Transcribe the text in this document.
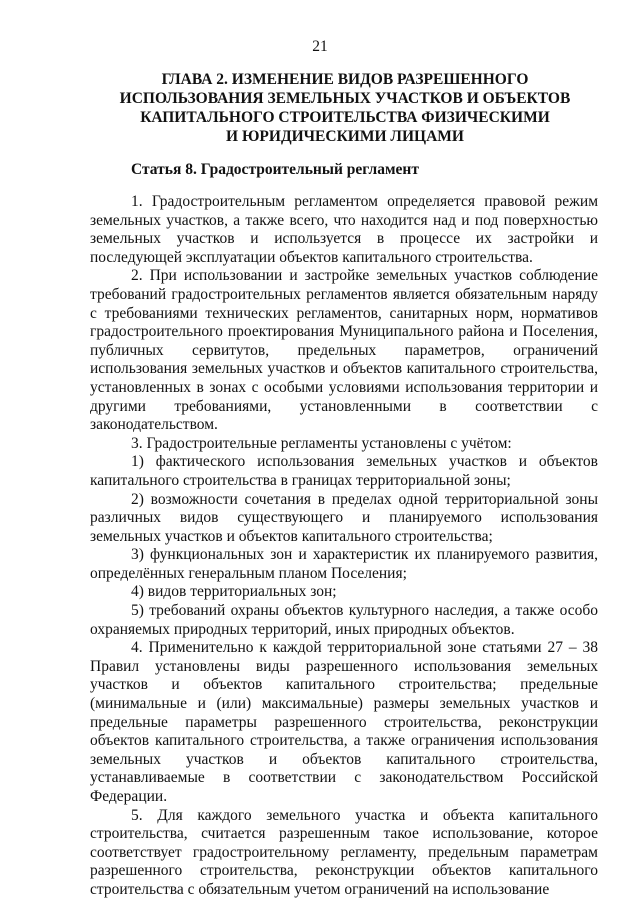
21
ГЛАВА 2. ИЗМЕНЕНИЕ ВИДОВ РАЗРЕШЕННОГО
ИСПОЛЬЗОВАНИЯ ЗЕМЕЛЬНЫХ УЧАСТКОВ И ОБЪЕКТОВ
КАПИТАЛЬНОГО СТРОИТЕЛЬСТВА ФИЗИЧЕСКИМИ
И ЮРИДИЧЕСКИМИ ЛИЦАМИ
Статья 8. Градостроительный регламент

1. Градостроительным регламентом определяется правовой режим земельных участков, а также всего, что находится над и под поверхностью земельных участков и используется в процессе их застройки и последующей эксплуатации объектов капитального строительства.

2. При использовании и застройке земельных участков соблюдение требований градостроительных регламентов является обязательным наряду с требованиями технических регламентов, санитарных норм, нормативов градостроительного проектирования Муниципального района и Поселения, публичных сервитутов, предельных параметров, ограничений использования земельных участков и объектов капитального строительства, установленных в зонах с особыми условиями использования территории и другими требованиями, установленными в соответствии с законодательством.

3. Градостроительные регламенты установлены с учётом:

1) фактического использования земельных участков и объектов капитального строительства в границах территориальной зоны;

2) возможности сочетания в пределах одной территориальной зоны различных видов существующего и планируемого использования земельных участков и объектов капитального строительства;

3) функциональных зон и характеристик их планируемого развития, определённых генеральным планом Поселения;

4) видов территориальных зон;

5) требований охраны объектов культурного наследия, а также особо охраняемых природных территорий, иных природных объектов.

4. Применительно к каждой территориальной зоне статьями 27 – 38 Правил установлены виды разрешенного использования земельных участков и объектов капитального строительства; предельные (минимальные и (или) максимальные) размеры земельных участков и предельные параметры разрешенного строительства, реконструкции объектов капитального строительства, а также ограничения использования земельных участков и объектов капитального строительства, устанавливаемые в соответствии с законодательством Российской Федерации.

5. Для каждого земельного участка и объекта капитального строительства, считается разрешенным такое использование, которое соответствует градостроительному регламенту, предельным параметрам разрешенного строительства, реконструкции объектов капитального строительства с обязательным учетом ограничений на использование
